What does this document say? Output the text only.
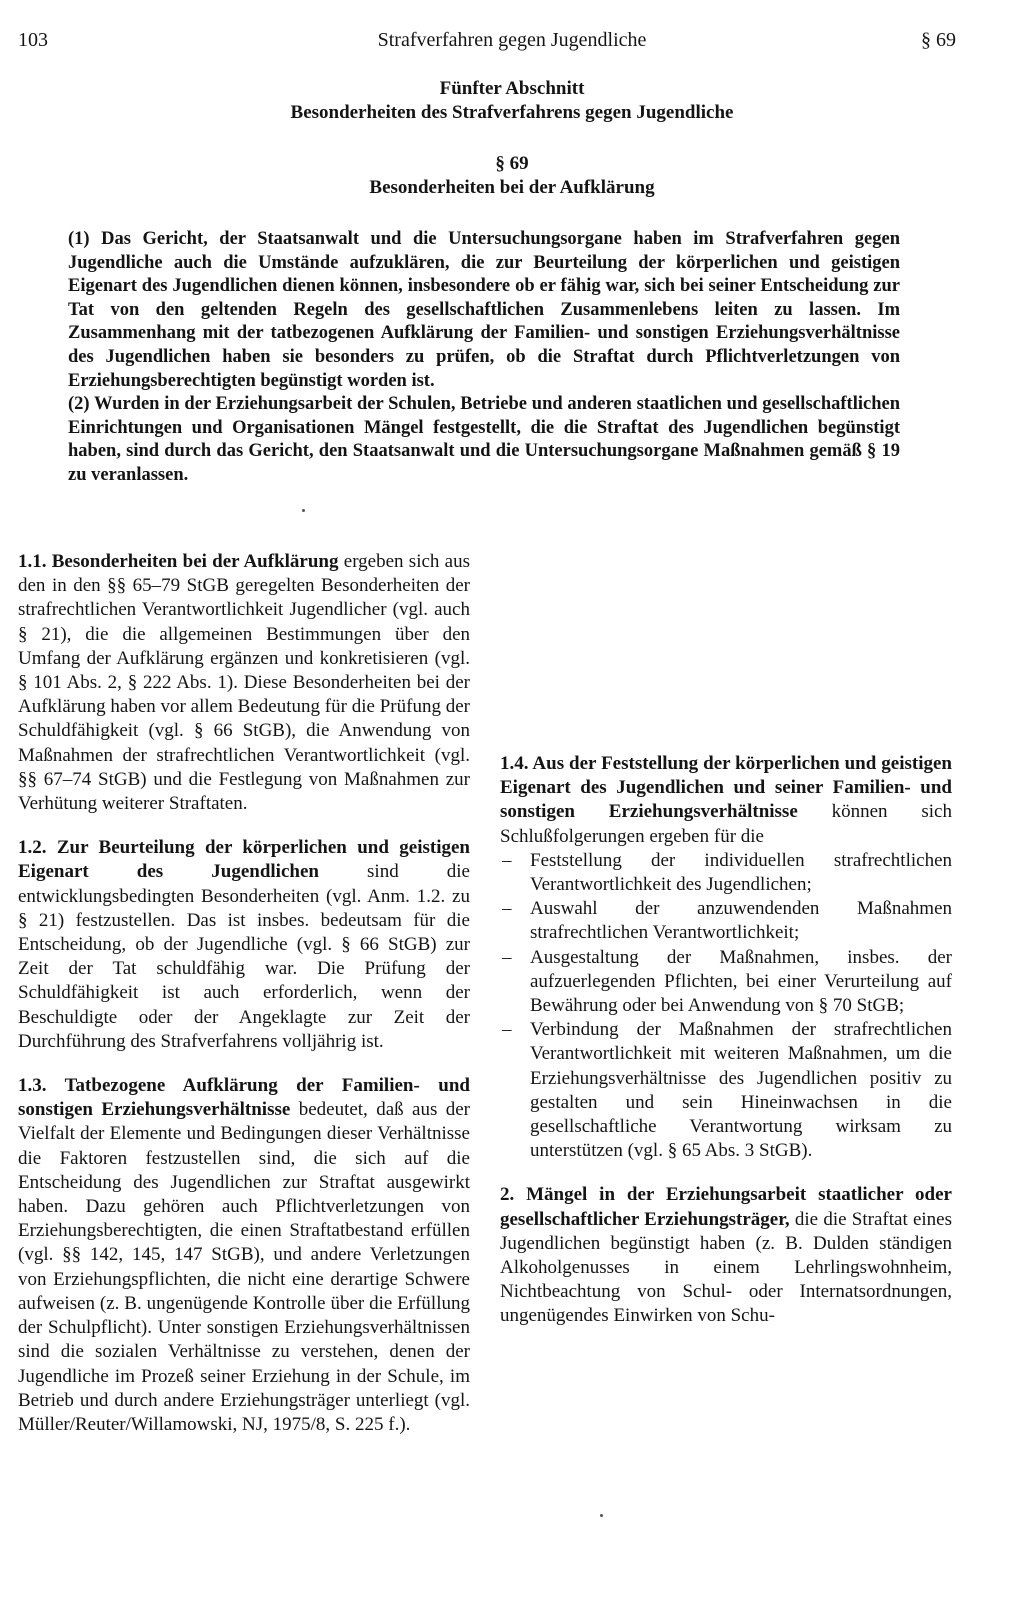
Strafverfahren gegen Jugendliche
103	§ 69
Fünfter Abschnitt
Besonderheiten des Strafverfahrens gegen Jugendliche
§ 69
Besonderheiten bei der Aufklärung

(1) Das Gericht, der Staatsanwalt und die Untersuchungsorgane haben im Strafverfahren gegen Jugendliche auch die Umstände aufzuklären, die zur Beurteilung der körperlichen und geistigen Eigenart des Jugendlichen dienen können, insbesondere ob er fähig war, sich bei seiner Entscheidung zur Tat von den geltenden Regeln des gesellschaftlichen Zusammenlebens leiten zu lassen. Im Zusammenhang mit der tatbezogenen Aufklärung der Familien- und sonstigen Erziehungsverhältnisse des Jugendlichen haben sie besonders zu prüfen, ob die Straftat durch Pflichtverletzungen von Erziehungsberechtigten begünstigt worden ist.

(2) Wurden in der Erziehungsarbeit der Schulen, Betriebe und anderen staatlichen und gesellschaftlichen Einrichtungen und Organisationen Mängel festgestellt, die die Straftat des Jugendlichen begünstigt haben, sind durch das Gericht, den Staatsanwalt und die Untersuchungsorgane Maßnahmen gemäß § 19 zu veranlassen.

1.1. Besonderheiten bei der Aufklärung ergeben sich aus den in den §§ 65–79 StGB geregelten Besonderheiten der strafrechtlichen Verantwortlichkeit Jugendlicher (vgl. auch § 21), die die allgemeinen Bestimmungen über den Umfang der Aufklärung ergänzen und konkretisieren (vgl. § 101 Abs. 2, § 222 Abs. 1). Diese Besonderheiten bei der Aufklärung haben vor allem Bedeutung für die Prüfung der Schuldfähigkeit (vgl. § 66 StGB), die Anwendung von Maßnahmen der strafrechtlichen Verantwortlichkeit (vgl. §§ 67–74 StGB) und die Festlegung von Maßnahmen zur Verhütung weiterer Straftaten.

1.2. Zur Beurteilung der körperlichen und geistigen Eigenart des Jugendlichen sind die entwicklungsbedingten Besonderheiten (vgl. Anm. 1.2. zu § 21) festzustellen. Das ist insbes. bedeutsam für die Entscheidung, ob der Jugendliche (vgl. § 66 StGB) zur Zeit der Tat schuldfähig war. Die Prüfung der Schuldfähigkeit ist auch erforderlich, wenn der Beschuldigte oder der Angeklagte zur Zeit der Durchführung des Strafverfahrens volljährig ist.

1.3. Tatbezogene Aufklärung der Familien- und sonstigen Erziehungsverhältnisse bedeutet, daß aus der Vielfalt der Elemente und Bedingungen dieser Verhältnisse die Faktoren festzustellen sind, die sich auf die Entscheidung des Jugendlichen zur Straftat ausgewirkt haben. Dazu gehören auch Pflichtverletzungen von Erziehungsberechtigten, die einen Straftatbestand erfüllen (vgl. §§ 142, 145, 147 StGB), und andere Verletzungen von Erziehungspflichten, die nicht eine derartige Schwere aufweisen (z. B. ungenügende Kontrolle über die Erfüllung der Schulpflicht). Unter sonstigen Erziehungsverhältnissen sind die sozialen Verhältnisse zu verstehen, denen der Jugendliche im Prozeß seiner Erziehung in der Schule, im Betrieb und durch andere Erziehungsträger unterliegt (vgl. Müller/Reuter/Willamowski, NJ, 1975/8, S. 225 f.).

1.4. Aus der Feststellung der körperlichen und geistigen Eigenart des Jugendlichen und seiner Familien- und sonstigen Erziehungsverhältnisse können sich Schlußfolgerungen ergeben für die

– Feststellung der individuellen strafrechtlichen Verantwortlichkeit des Jugendlichen;
– Auswahl der anzuwendenden Maßnahmen strafrechtlichen Verantwortlichkeit;
– Ausgestaltung der Maßnahmen, insbes. der aufzuerlegenden Pflichten, bei einer Verurteilung auf Bewährung oder bei Anwendung von § 70 StGB;
– Verbindung der Maßnahmen der strafrechtlichen Verantwortlichkeit mit weiteren Maßnahmen, um die Erziehungsverhältnisse des Jugendlichen positiv zu gestalten und sein Hineinwachsen in die gesellschaftliche Verantwortung wirksam zu unterstützen (vgl. § 65 Abs. 3 StGB).

2. Mängel in der Erziehungsarbeit staatlicher oder gesellschaftlicher Erziehungsträger, die die Straftat eines Jugendlichen begünstigt haben (z. B. Dulden ständigen Alkoholgenusses in einem Lehrlingswohnheim, Nichtbeachtung von Schul- oder Internatsordnungen, ungenügendes Einwirken von Schu-
